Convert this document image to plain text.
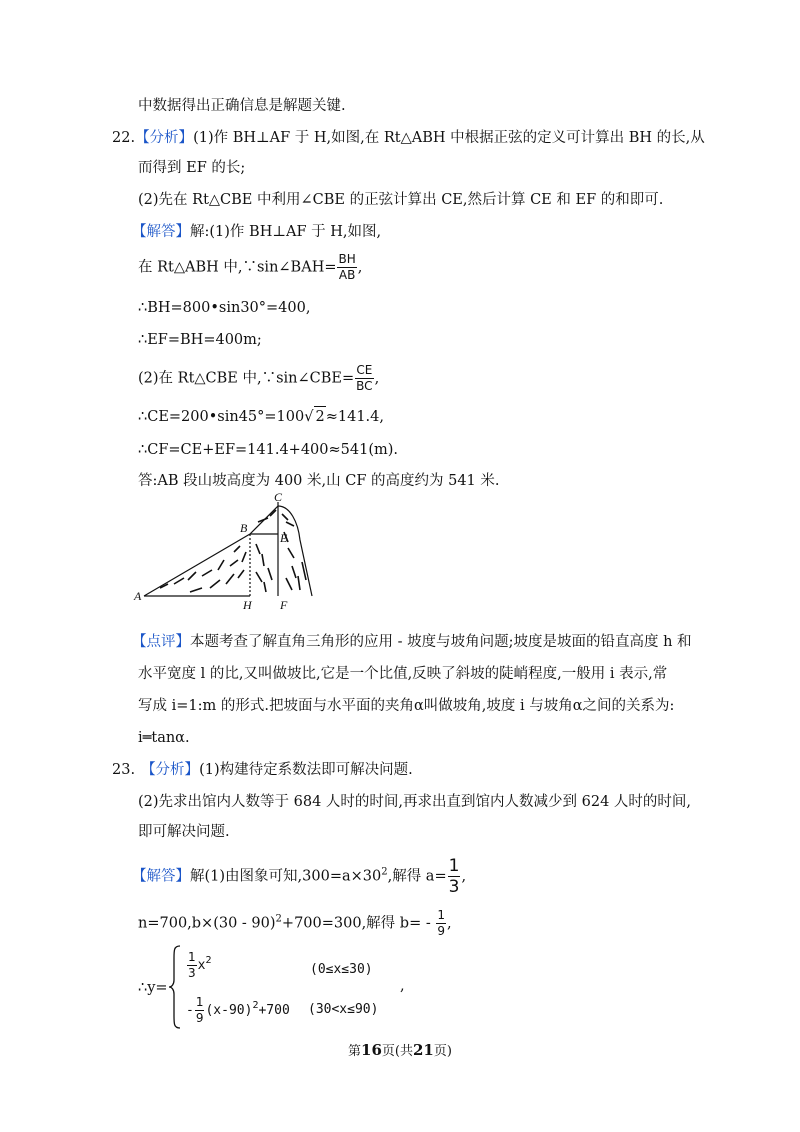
中数据得出正确信息是解题关键.
22.【分析】(1)作 BH⊥AF 于 H,如图,在 Rt△ABH 中根据正弦的定义可计算出 BH 的长,从
而得到 EF 的长;
(2)先在 Rt△CBE 中利用∠CBE 的正弦计算出 CE,然后计算 CE 和 EF 的和即可.
【解答】解:(1)作 BH⊥AF 于 H,如图,
在 Rt△ABH 中,∵sin∠BAH= $\frac{BH}{AB}$ ,
∴BH=800•sin30°=400,
∴EF=BH=400m;
(2)在 Rt△CBE 中,∵sin∠CBE= $\frac{CE}{BC}$ ,
∴CE=200•sin45°=100√ 2≈141.4,
∴CF=CE+EF=141.4+400≈541(m).
答:AB 段山坡高度为 400 米,山 CF 的高度约为 541 米.
A
B
C
E
H F
【点评】本题考查了解直角三角形的应用 - 坡度与坡角问题;坡度是坡面的铅直高度 h 和
水平宽度 l 的比,又叫做坡比,它是一个比值,反映了斜坡的陡峭程度,一般用 i 表示,常
写成 i=1:m 的形式.把坡面与水平面的夹角α叫做坡角,坡度 i 与坡角α之间的关系为:
i═tanα.
23. 【分析】(1)构建待定系数法即可解决问题.
(2)先求出馆内人数等于 684 人时的时间,再求出直到馆内人数减少到 624 人时的时间,
即可解决问题.
【解答】解(1)由图象可知$,300=a\times 30^2$,解得 $a= \frac{1}{3}$ ,
n=700,b×(30 - 90)$^2$+700=300,解得 $b= - \frac{1}{9}$ ,
∴y=
$\frac{1}{3} x^2$
(0≤x≤30)
- $\frac{1}{9} (x-90)^2+700$ (30<x≤90)
,
第16页(共21页)
